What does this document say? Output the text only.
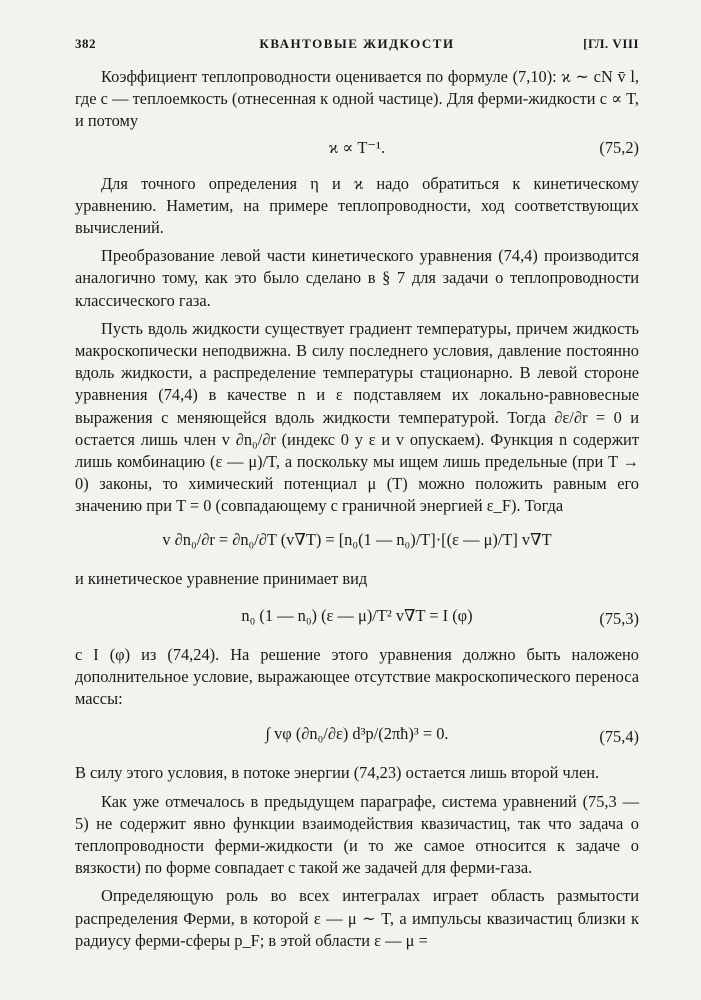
382	КВАНТОВЫЕ ЖИДКОСТИ	[ГЛ. VIII

Коэффициент теплопроводности оценивается по формуле (7,10): ϰ ∼ cN v̄ l, где c — теплоемкость (отнесенная к одной частице). Для ферми-жидкости c ∝ T, и потому

ϰ ∝ T⁻¹.	(75,2)

Для точного определения η и ϰ надо обратиться к кинетическому уравнению. Наметим, на примере теплопроводности, ход соответствующих вычислений.

Преобразование левой части кинетического уравнения (74,4) производится аналогично тому, как это было сделано в § 7 для задачи о теплопроводности классического газа.

Пусть вдоль жидкости существует градиент температуры, причем жидкость макроскопически неподвижна. В силу последнего условия, давление постоянно вдоль жидкости, а распределение температуры стационарно. В левой стороне уравнения (74,4) в качестве n и ε подставляем их локально-равновесные выражения с меняющейся вдоль жидкости температурой. Тогда ∂ε/∂r = 0 и остается лишь член v ∂n₀/∂r (индекс 0 у ε и v опускаем). Функция n содержит лишь комбинацию (ε — μ)/T, а поскольку мы ищем лишь предельные (при T → 0) законы, то химический потенциал μ (T) можно положить равным его значению при T = 0 (совпадающему с граничной энергией ε_F). Тогда

v ∂n₀/∂r = ∂n₀/∂T (v∇T) = [n₀(1 — n₀)/T]·[(ε — μ)/T] v∇T

и кинетическое уравнение принимает вид

n₀ (1 — n₀) (ε — μ)/T² v∇T = I (φ)	(75,3)

с I (φ) из (74,24). На решение этого уравнения должно быть наложено дополнительное условие, выражающее отсутствие макроскопического переноса массы:

∫ vφ (∂n₀/∂ε) d³p/(2πħ)³ = 0.	(75,4)

В силу этого условия, в потоке энергии (74,23) остается лишь второй член.

Как уже отмечалось в предыдущем параграфе, система уравнений (75,3 — 5) не содержит явно функции взаимодействия квазичастиц, так что задача о теплопроводности ферми-жидкости (и то же самое относится к задаче о вязкости) по форме совпадает с такой же задачей для ферми-газа.

Определяющую роль во всех интегралах играет область размытости распределения Ферми, в которой ε — μ ∼ T, а импульсы квазичастиц близки к радиусу ферми-сферы p_F; в этой области ε — μ =
